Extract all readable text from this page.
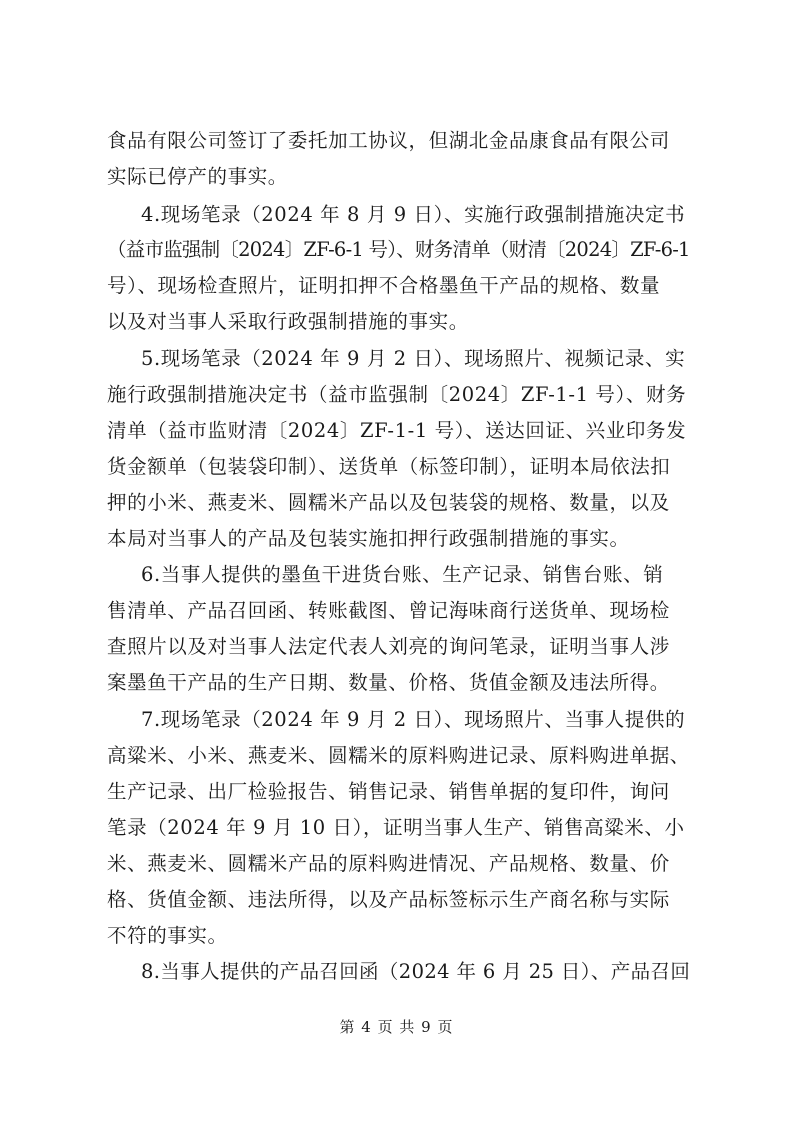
食品有限公司签订了委托加工协议，但湖北金品康食品有限公司
实际已停产的事实。
4.现场笔录（2024 年 8 月 9 日）、实施行政强制措施决定书
（益市监强制〔2024〕ZF-6-1 号）、财务清单（财清〔2024〕ZF-6-1
号）、现场检查照片，证明扣押不合格墨鱼干产品的规格、数量
以及对当事人采取行政强制措施的事实。
5.现场笔录（2024 年 9 月 2 日）、现场照片、视频记录、实
施行政强制措施决定书（益市监强制〔2024〕ZF-1-1 号）、财务
清单（益市监财清〔2024〕ZF-1-1 号）、送达回证、兴业印务发
货金额单（包装袋印制）、送货单（标签印制），证明本局依法扣
押的小米、燕麦米、圆糯米产品以及包装袋的规格、数量，以及
本局对当事人的产品及包装实施扣押行政强制措施的事实。
6.当事人提供的墨鱼干进货台账、生产记录、销售台账、销
售清单、产品召回函、转账截图、曾记海味商行送货单、现场检
查照片以及对当事人法定代表人刘亮的询问笔录，证明当事人涉
案墨鱼干产品的生产日期、数量、价格、货值金额及违法所得。
7.现场笔录（2024 年 9 月 2 日）、现场照片、当事人提供的
高粱米、小米、燕麦米、圆糯米的原料购进记录、原料购进单据、
生产记录、出厂检验报告、销售记录、销售单据的复印件，询问
笔录（2024 年 9 月 10 日），证明当事人生产、销售高粱米、小
米、燕麦米、圆糯米产品的原料购进情况、产品规格、数量、价
格、货值金额、违法所得，以及产品标签标示生产商名称与实际
不符的事实。
8.当事人提供的产品召回函（2024 年 6 月 25 日）、产品召回
第 4 页 共 9 页
